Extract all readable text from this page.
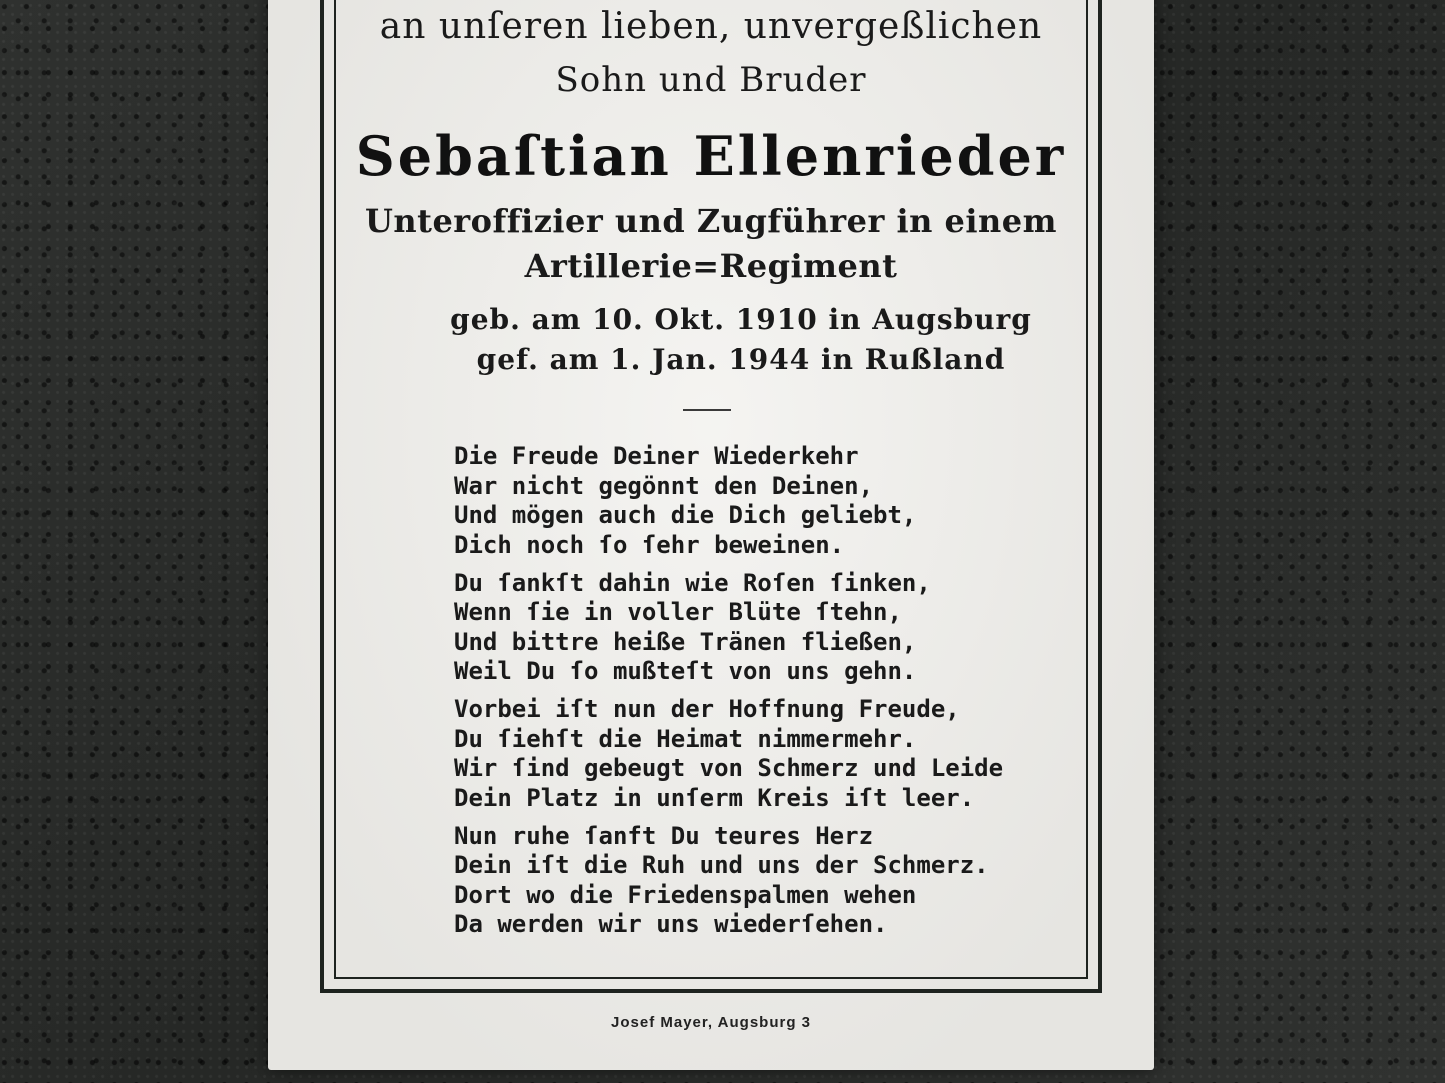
an unſeren lieben, unvergeßlichen
Sohn und Bruder
Sebaſtian Ellenrieder
Unteroffizier und Zugführer in einem
Artillerie=Regiment
geb. am 10. Okt. 1910 in Augsburg
gef. am 1. Jan. 1944 in Rußland
Die Freude Deiner Wiederkehr
War nicht gegönnt den Deinen,
Und mögen auch die Dich geliebt,
Dich noch ſo ſehr beweinen.
Du ſankſt dahin wie Roſen ſinken,
Wenn ſie in voller Blüte ſtehn,
Und bittre heiße Tränen fließen,
Weil Du ſo mußteſt von uns gehn.
Vorbei iſt nun der Hoffnung Freude,
Du ſiehſt die Heimat nimmermehr.
Wir ſind gebeugt von Schmerz und Leide
Dein Platz in unſerm Kreis iſt leer.
Nun ruhe ſanft Du teures Herz
Dein iſt die Ruh und uns der Schmerz.
Dort wo die Friedenspalmen wehen
Da werden wir uns wiederſehen.
Josef Mayer, Augsburg 3
